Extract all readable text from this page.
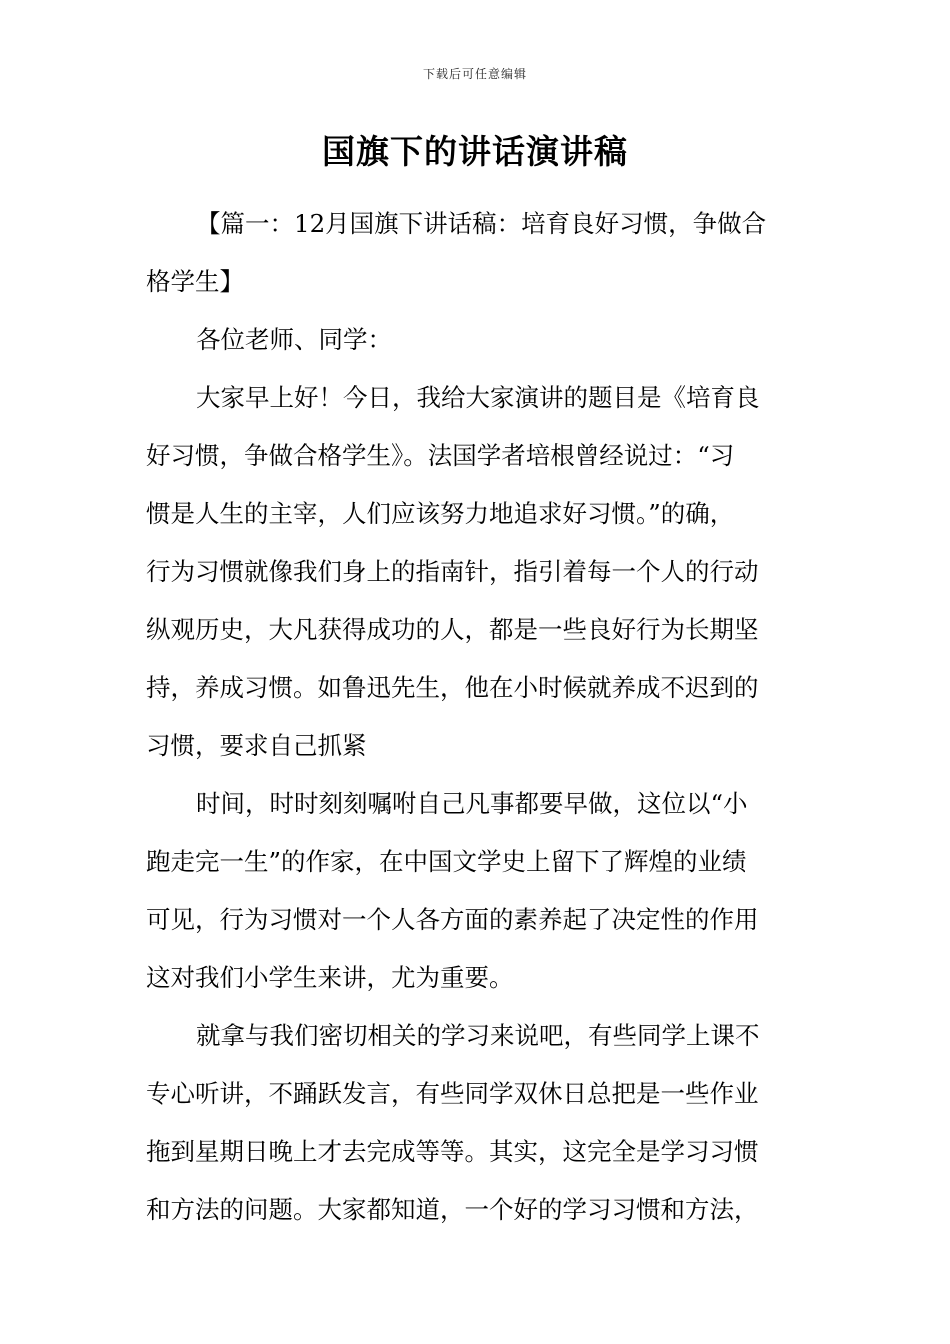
下载后可任意编辑
国旗下的讲话演讲稿

【篇一：12月国旗下讲话稿：培育良好习惯，争做合
格学生】

各位老师、同学：

大家早上好！今日，我给大家演讲的题目是《培育良
好习惯，争做合格学生》。法国学者培根曾经说过：“习
惯是人生的主宰，人们应该努力地追求好习惯。”的确，
行为习惯就像我们身上的指南针，指引着每一个人的行动
纵观历史，大凡获得成功的人，都是一些良好行为长期坚
持，养成习惯。如鲁迅先生，他在小时候就养成不迟到的
习惯，要求自己抓紧

时间，时时刻刻嘱咐自己凡事都要早做，这位以“小
跑走完一生”的作家，在中国文学史上留下了辉煌的业绩
可见，行为习惯对一个人各方面的素养起了决定性的作用
这对我们小学生来讲，尤为重要。

就拿与我们密切相关的学习来说吧，有些同学上课不
专心听讲，不踊跃发言，有些同学双休日总把是一些作业
拖到星期日晚上才去完成等等。其实，这完全是学习习惯
和方法的问题。大家都知道，一个好的学习习惯和方法，
